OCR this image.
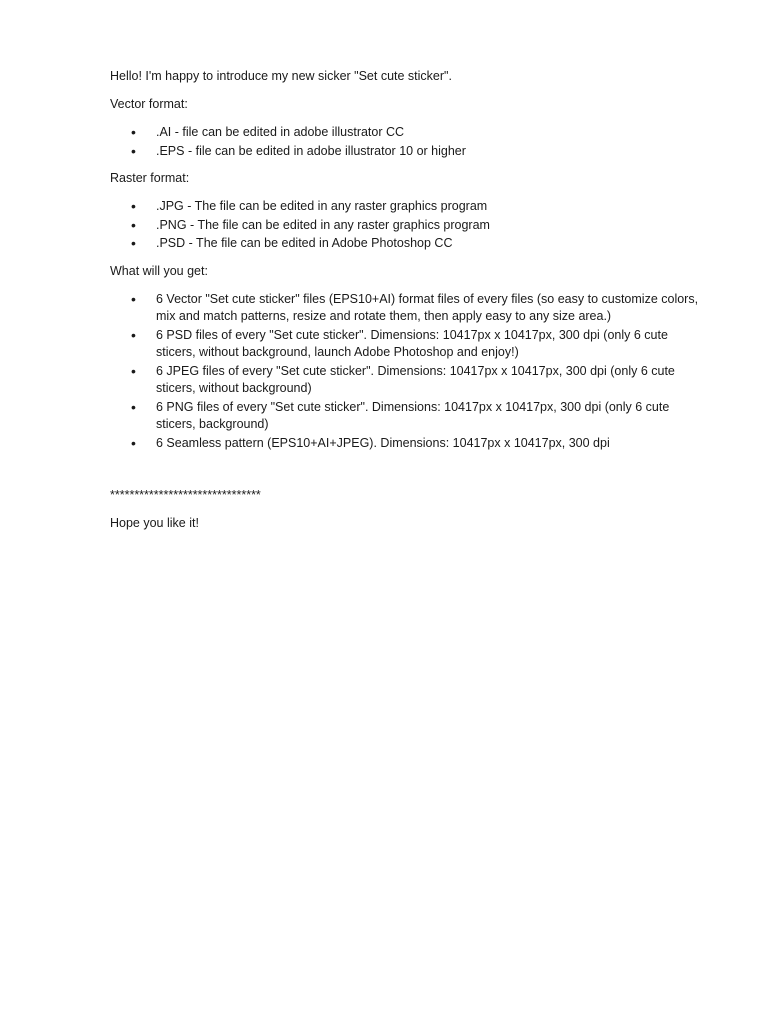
Hello! I'm happy to introduce my new sicker "Set cute sticker".

Vector format:

• .AI - file can be edited in adobe illustrator CC
• .EPS - file can be edited in adobe illustrator 10 or higher

Raster format:

• .JPG - The file can be edited in any raster graphics program
• .PNG - The file can be edited in any raster graphics program
• .PSD - The file can be edited in Adobe Photoshop CC

What will you get:

• 6 Vector "Set cute sticker" files (EPS10+AI) format files of every files (so easy to customize colors, mix and match patterns, resize and rotate them, then apply easy to any size area.)
• 6 PSD files of every "Set cute sticker". Dimensions: 10417px x 10417px, 300 dpi (only 6 cute sticers, without background, launch Adobe Photoshop and enjoy!)
• 6 JPEG files of every "Set cute sticker". Dimensions: 10417px x 10417px, 300 dpi (only 6 cute sticers, without background)
• 6 PNG files of every "Set cute sticker". Dimensions: 10417px x 10417px, 300 dpi (only 6 cute sticers, background)
• 6 Seamless pattern (EPS10+AI+JPEG). Dimensions: 10417px x 10417px, 300 dpi

*******************************

Hope you like it!
